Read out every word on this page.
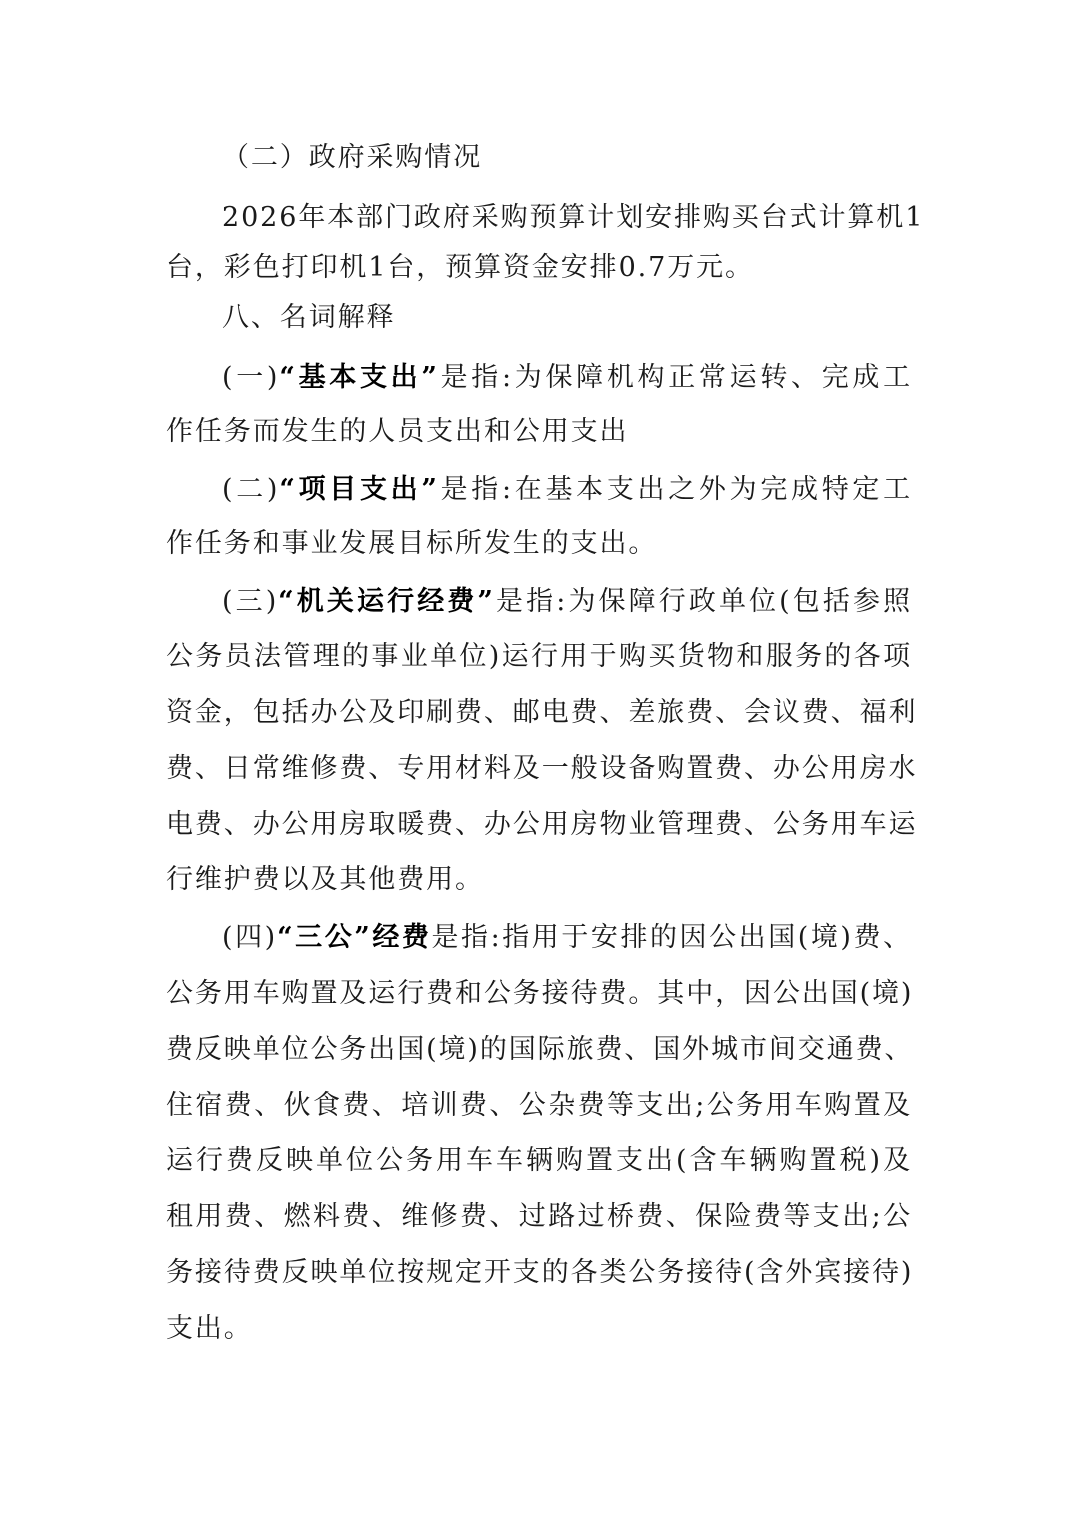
（二）政府采购情况
2026年本部门政府采购预算计划安排购买台式计算机1
台，彩色打印机1台，预算资金安排0.7万元。
八、名词解释
(一)“基本支出”是指:为保障机构正常运转、完成工
作任务而发生的人员支出和公用支出
(二)“项目支出”是指:在基本支出之外为完成特定工
作任务和事业发展目标所发生的支出。
(三)“机关运行经费”是指:为保障行政单位(包括参照
公务员法管理的事业单位)运行用于购买货物和服务的各项
资金，包括办公及印刷费、邮电费、差旅费、会议费、福利
费、日常维修费、专用材料及一般设备购置费、办公用房水
电费、办公用房取暖费、办公用房物业管理费、公务用车运
行维护费以及其他费用。
(四)“三公”经费是指:指用于安排的因公出国(境)费、
公务用车购置及运行费和公务接待费。其中，因公出国(境)
费反映单位公务出国(境)的国际旅费、国外城市间交通费、
住宿费、伙食费、培训费、公杂费等支出;公务用车购置及
运行费反映单位公务用车车辆购置支出(含车辆购置税)及
租用费、燃料费、维修费、过路过桥费、保险费等支出;公
务接待费反映单位按规定开支的各类公务接待(含外宾接待)
支出。
